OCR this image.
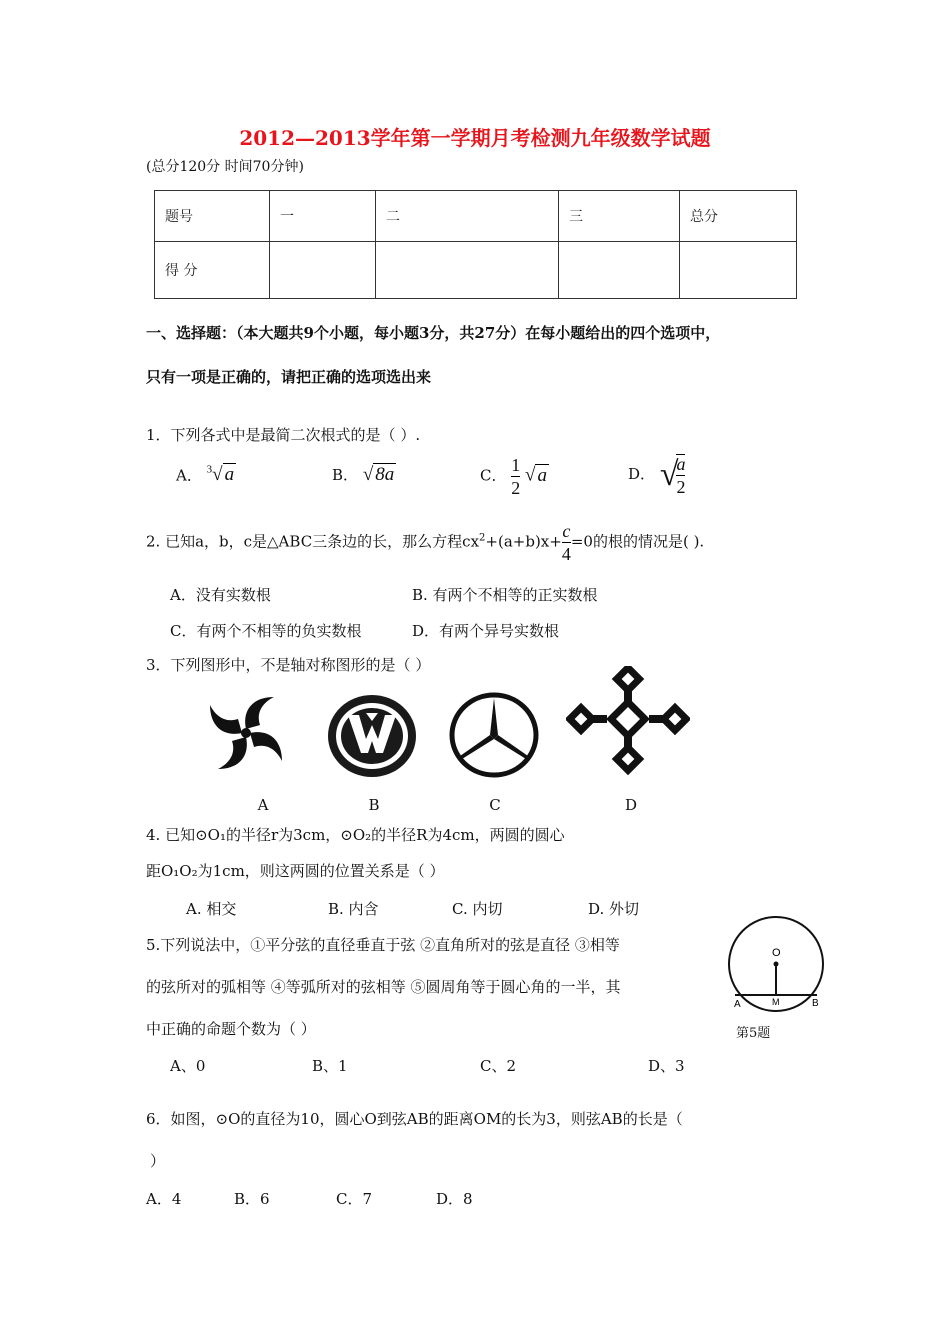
2012—2013学年第一学期月考检测九年级数学试题
(总分120分 时间70分钟)
题号	一	二	三	总分
得 分				
一、选择题：（本大题共9个小题，每小题3分，共27分）在每小题给出的四个选项中，
只有一项是正确的，请把正确的选项选出来
1．下列各式中是最简二次根式的是（ ）.
A． $^3$√ a	B． √ 8a	C． $\frac{1}{2}$ √ a	D． √
$\frac{a}{2}$
2. 已知a，b，c是△ABC三条边的长，那么方程$cx^2+(a+b)x+ \frac{c}{4} =0$的根的情况是( ).
A．没有实数根	B. 有两个不相等的正实数根
C．有两个不相等的负实数根	D．有两个异号实数根
3．下列图形中，不是轴对称图形的是（ ）
A	B	C	D
4. 已知⊙O₁的半径r为3cm，⊙O₂的半径R为4cm，两圆的圆心
距O₁O₂为1cm，则这两圆的位置关系是（ ）
A. 相交	B. 内含	C. 内切	D. 外切
5.下列说法中，①平分弦的直径垂直于弦 ②直角所对的弦是直径 ③相等
的弦所对的弧相等 ④等弧所对的弦相等 ⑤圆周角等于圆心角的一半，其
中正确的命题个数为（ ）
A、0	B、1	C、2	D、3
O
A	M	B
第5题
6．如图，⊙O的直径为10，圆心O到弦AB的距离OM的长为3，则弦AB的长是（
）
A．4	B．6	C．7	D．8
